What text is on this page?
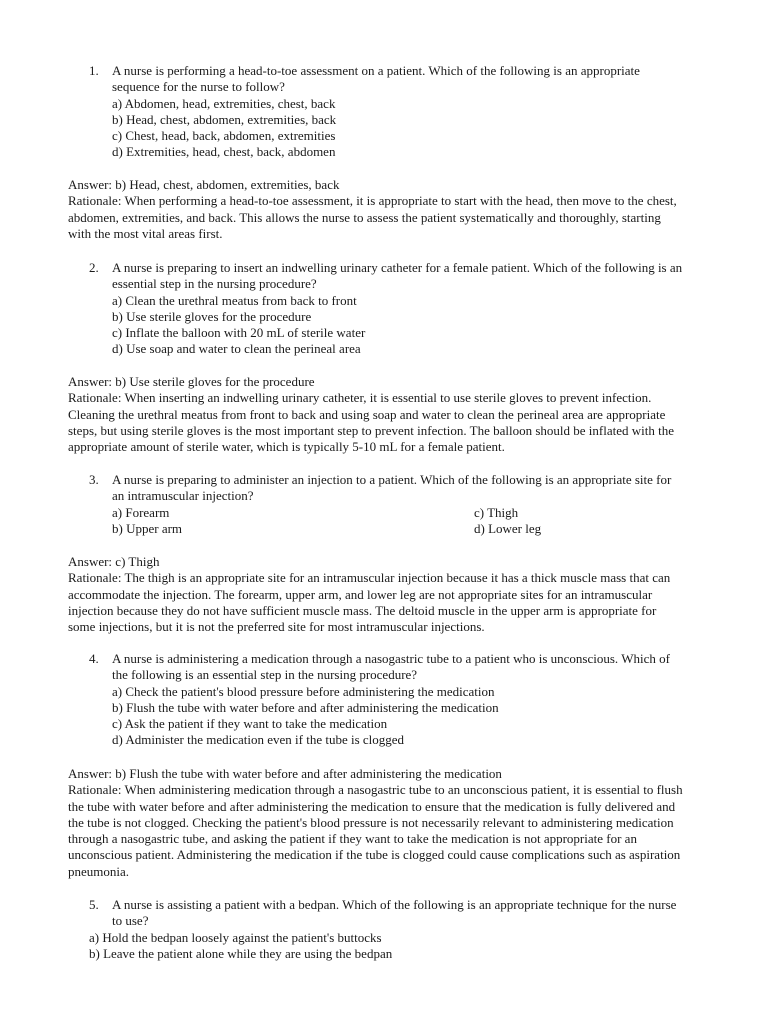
1.	A nurse is performing a head-to-toe assessment on a patient. Which of the following is an appropriate
sequence for the nurse to follow?
a) Abdomen, head, extremities, chest, back
b) Head, chest, abdomen, extremities, back
c) Chest, head, back, abdomen, extremities
d) Extremities, head, chest, back, abdomen
Answer: b) Head, chest, abdomen, extremities, back
Rationale: When performing a head-to-toe assessment, it is appropriate to start with the head, then move to the chest,
abdomen, extremities, and back. This allows the nurse to assess the patient systematically and thoroughly, starting
with the most vital areas first.
2.	A nurse is preparing to insert an indwelling urinary catheter for a female patient. Which of the following is an
essential step in the nursing procedure?
a) Clean the urethral meatus from back to front
b) Use sterile gloves for the procedure
c) Inflate the balloon with 20 mL of sterile water
d) Use soap and water to clean the perineal area
Answer: b) Use sterile gloves for the procedure
Rationale: When inserting an indwelling urinary catheter, it is essential to use sterile gloves to prevent infection.
Cleaning the urethral meatus from front to back and using soap and water to clean the perineal area are appropriate
steps, but using sterile gloves is the most important step to prevent infection. The balloon should be inflated with the
appropriate amount of sterile water, which is typically 5-10 mL for a female patient.
3.	A nurse is preparing to administer an injection to a patient. Which of the following is an appropriate site for
an intramuscular injection?
a) Forearm	c) Thigh
b) Upper arm	d) Lower leg
Answer: c) Thigh
Rationale: The thigh is an appropriate site for an intramuscular injection because it has a thick muscle mass that can
accommodate the injection. The forearm, upper arm, and lower leg are not appropriate sites for an intramuscular
injection because they do not have sufficient muscle mass. The deltoid muscle in the upper arm is appropriate for
some injections, but it is not the preferred site for most intramuscular injections.
4.	A nurse is administering a medication through a nasogastric tube to a patient who is unconscious. Which of
the following is an essential step in the nursing procedure?
a) Check the patient's blood pressure before administering the medication
b) Flush the tube with water before and after administering the medication
c) Ask the patient if they want to take the medication
d) Administer the medication even if the tube is clogged
Answer: b) Flush the tube with water before and after administering the medication
Rationale: When administering medication through a nasogastric tube to an unconscious patient, it is essential to flush
the tube with water before and after administering the medication to ensure that the medication is fully delivered and
the tube is not clogged. Checking the patient's blood pressure is not necessarily relevant to administering medication
through a nasogastric tube, and asking the patient if they want to take the medication is not appropriate for an
unconscious patient. Administering the medication if the tube is clogged could cause complications such as aspiration
pneumonia.
5.	A nurse is assisting a patient with a bedpan. Which of the following is an appropriate technique for the nurse
to use?
a) Hold the bedpan loosely against the patient's buttocks
b) Leave the patient alone while they are using the bedpan
